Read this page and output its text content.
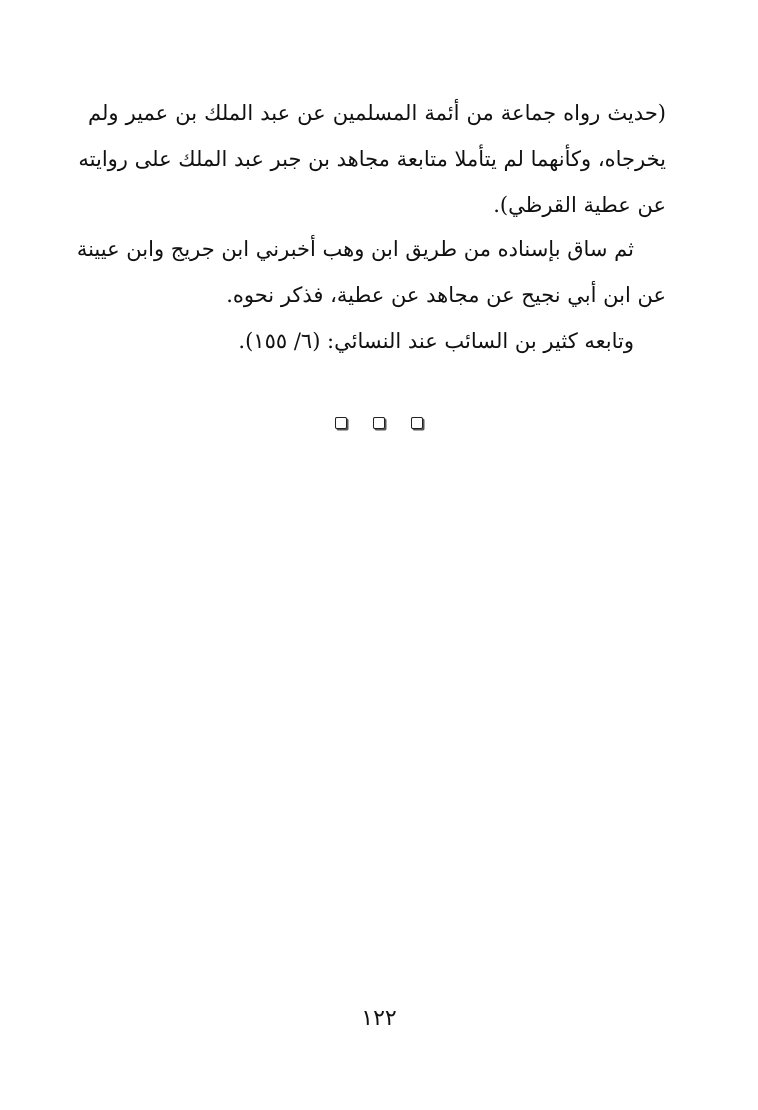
(حديث رواه جماعة من أئمة المسلمين عن عبد الملك بن عمير ولم
يخرجاه، وكأنهما لم يتأملا متابعة مجاهد بن جبر عبد الملك على روايته
عن عطية القرظي).
ثم ساق بإسناده من طريق ابن وهب أخبرني ابن جريج وابن عيينة
عن ابن أبي نجيح عن مجاهد عن عطية، فذكر نحوه.
وتابعه كثير بن السائب عند النسائي: (٦/ ١٥٥).
١٢٢
